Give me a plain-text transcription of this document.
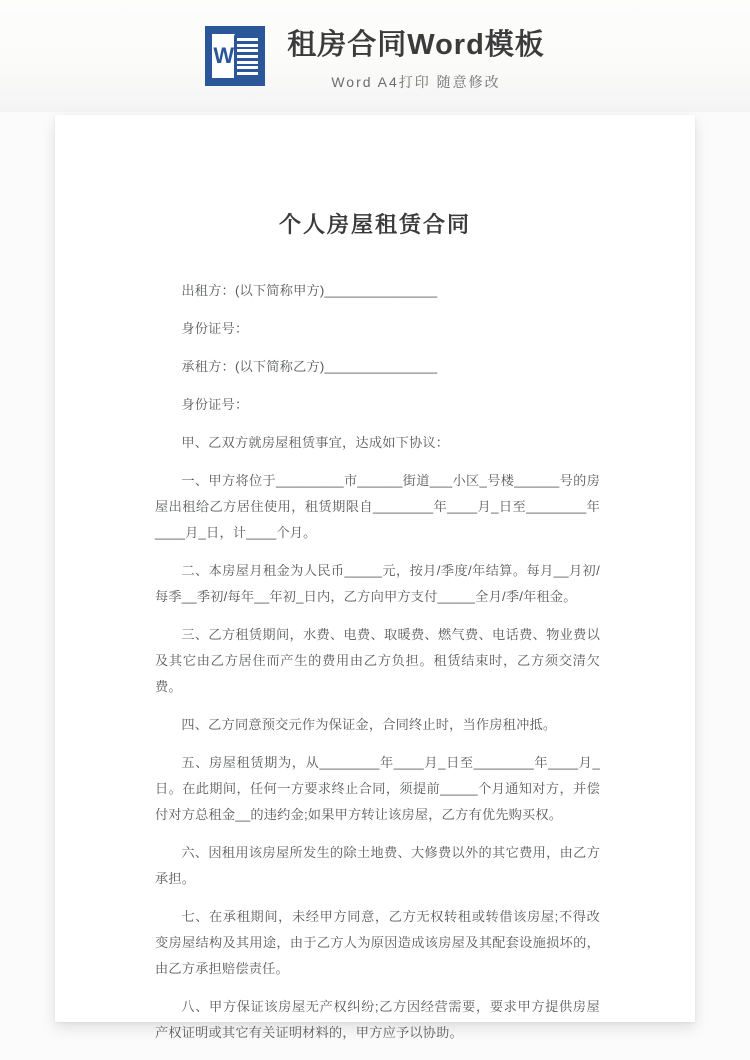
W 租房合同Word模板
Word A4打印 随意修改
个人房屋租赁合同

出租方：(以下简称甲方)_______________

身份证号：

承租方：(以下简称乙方)_______________

身份证号：

甲、乙双方就房屋租赁事宜，达成如下协议：

一、甲方将位于_________市______街道___小区_号楼______号的房屋出租给乙方居住使用，租赁期限自________年____月_日至________年____月_日，计____个月。

二、本房屋月租金为人民币_____元，按月/季度/年结算。每月__月初/每季__季初/每年__年初_日内，乙方向甲方支付_____全月/季/年租金。

三、乙方租赁期间，水费、电费、取暖费、燃气费、电话费、物业费以及其它由乙方居住而产生的费用由乙方负担。租赁结束时，乙方须交清欠费。

四、乙方同意预交元作为保证金，合同终止时，当作房租冲抵。

五、房屋租赁期为，从________年____月_日至________年____月_日。在此期间，任何一方要求终止合同，须提前_____个月通知对方，并偿付对方总租金__的违约金;如果甲方转让该房屋，乙方有优先购买权。

六、因租用该房屋所发生的除土地费、大修费以外的其它费用，由乙方承担。

七、在承租期间，未经甲方同意，乙方无权转租或转借该房屋;不得改变房屋结构及其用途，由于乙方人为原因造成该房屋及其配套设施损坏的，由乙方承担赔偿责任。

八、甲方保证该房屋无产权纠纷;乙方因经营需要，要求甲方提供房屋产权证明或其它有关证明材料的，甲方应予以协助。
